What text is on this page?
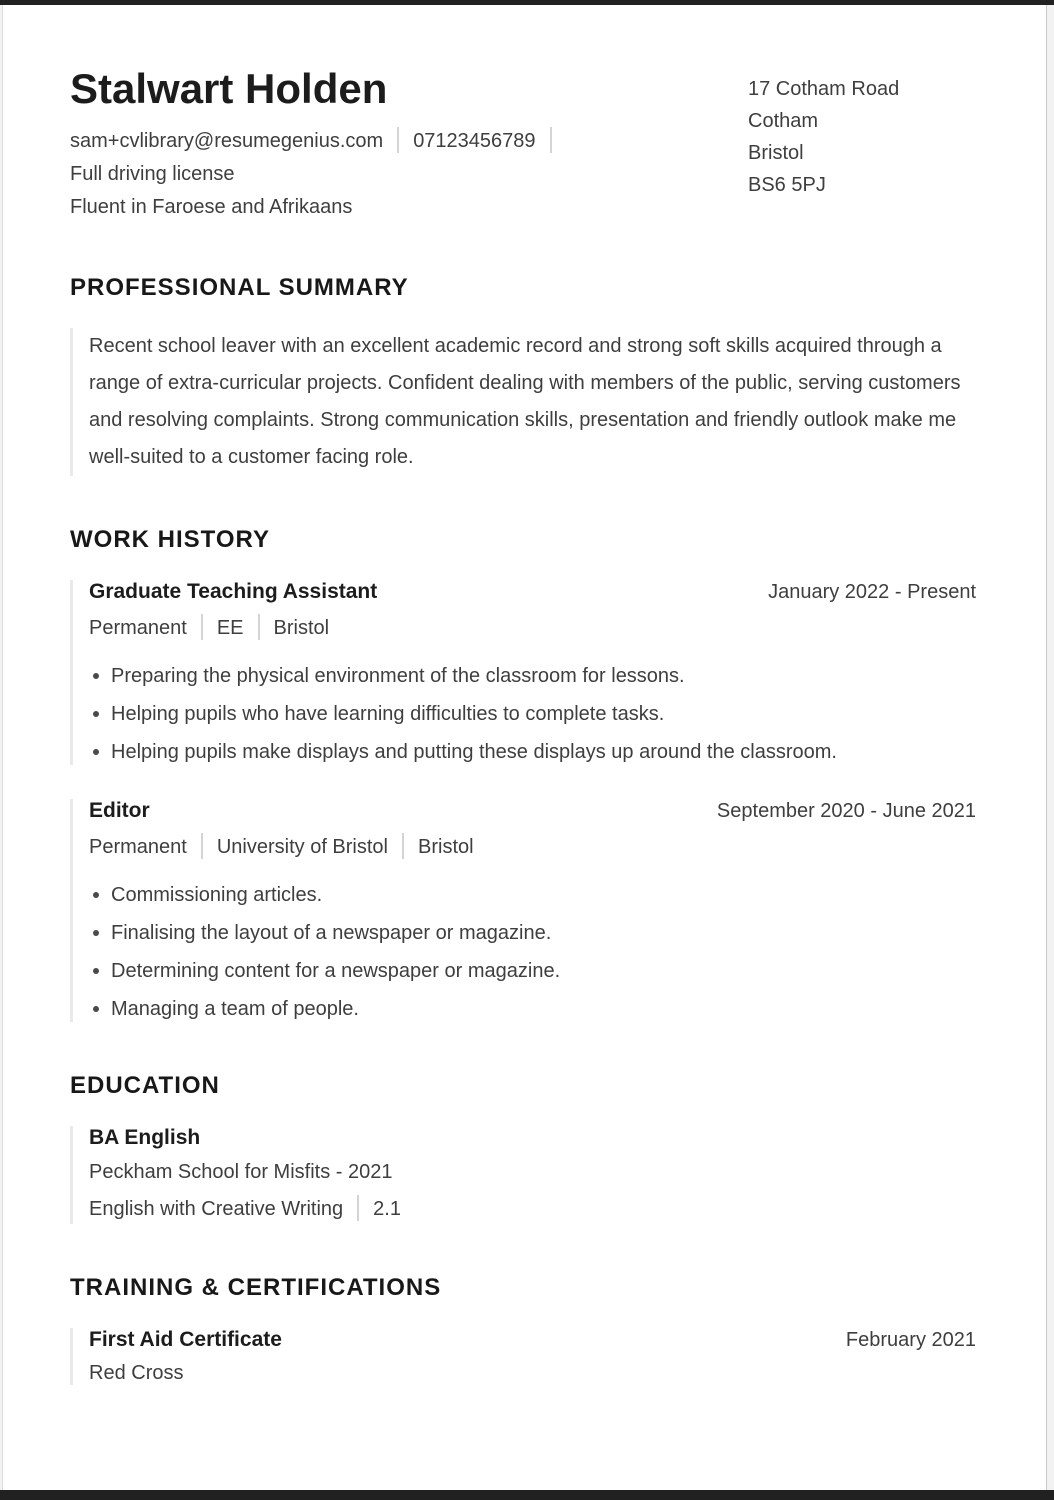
Stalwart Holden
sam+cvlibrary@resumegenius.com 07123456789
Full driving license
Fluent in Faroese and Afrikaans
17 Cotham Road
Cotham
Bristol
BS6 5PJ
PROFESSIONAL SUMMARY

Recent school leaver with an excellent academic record and strong soft skills acquired through a range of extra-curricular projects. Confident dealing with members of the public, serving customers and resolving complaints. Strong communication skills, presentation and friendly outlook make me well-suited to a customer facing role.

WORK HISTORY
Graduate Teaching Assistant	January 2022 - Present
Permanent EE Bristol
Preparing the physical environment of the classroom for lessons.
Helping pupils who have learning difficulties to complete tasks.
Helping pupils make displays and putting these displays up around the classroom.
Editor	September 2020 - June 2021
Permanent University of Bristol Bristol
Commissioning articles.
Finalising the layout of a newspaper or magazine.
Determining content for a newspaper or magazine.
Managing a team of people.
EDUCATION
BA English
Peckham School for Misfits - 2021
English with Creative Writing 2.1
TRAINING & CERTIFICATIONS
First Aid Certificate	February 2021
Red Cross
